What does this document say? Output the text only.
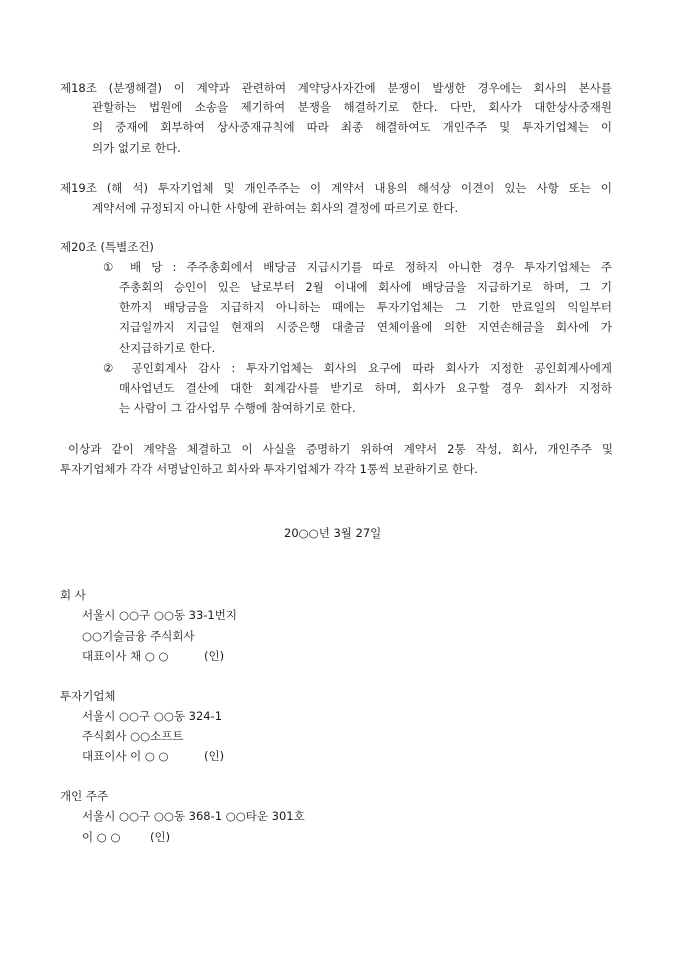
제18조 (분쟁해결) 이 계약과 관련하여 계약당사자간에 분쟁이 발생한 경우에는 회사의 본사를
관할하는 법원에 소송을 제기하여 분쟁을 해결하기로 한다. 다만, 회사가 대한상사중재원
의 중재에 회부하여 상사중재규칙에 따라 최종 해결하여도 개인주주 및 투자기업체는 이
의가 없기로 한다.
제19조 (해 석) 투자기업체 및 개인주주는 이 계약서 내용의 해석상 이견이 있는 사항 또는 이
계약서에 규정되지 아니한 사항에 관하여는 회사의 결정에 따르기로 한다.
제20조 (특별조건)
① 배 당 : 주주총회에서 배당금 지급시기를 따로 정하지 아니한 경우 투자기업체는 주
주총회의 승인이 있은 날로부터 2월 이내에 회사에 배당금을 지급하기로 하며, 그 기
한까지 배당금을 지급하지 아니하는 때에는 투자기업체는 그 기한 만료일의 익일부터
지급일까지 지급일 현재의 시중은행 대출금 연체이율에 의한 지연손해금을 회사에 가
산지급하기로 한다.
② 공인회계사 감사 : 투자기업체는 회사의 요구에 따라 회사가 지정한 공인회계사에게
매사업년도 결산에 대한 회계감사를 받기로 하며, 회사가 요구할 경우 회사가 지정하
는 사람이 그 감사업무 수행에 참여하기로 한다.
이상과 같이 계약을 체결하고 이 사실을 증명하기 위하여 계약서 2통 작성, 회사, 개인주주 및
투자기업체가 각각 서명날인하고 회사와 투자기업체가 각각 1통씩 보관하기로 한다.
20○○년 3월 27일
회 사
서울시 ○○구 ○○동 33-1번지
○○기술금융 주식회사
대표이사 채 ○ ○	(인)
투자기업체
서울시 ○○구 ○○동 324-1
주식회사 ○○소프트
대표이사 이 ○ ○	(인)
개인 주주
서울시 ○○구 ○○동 368-1 ○○타운 301호
이 ○ ○	(인)
